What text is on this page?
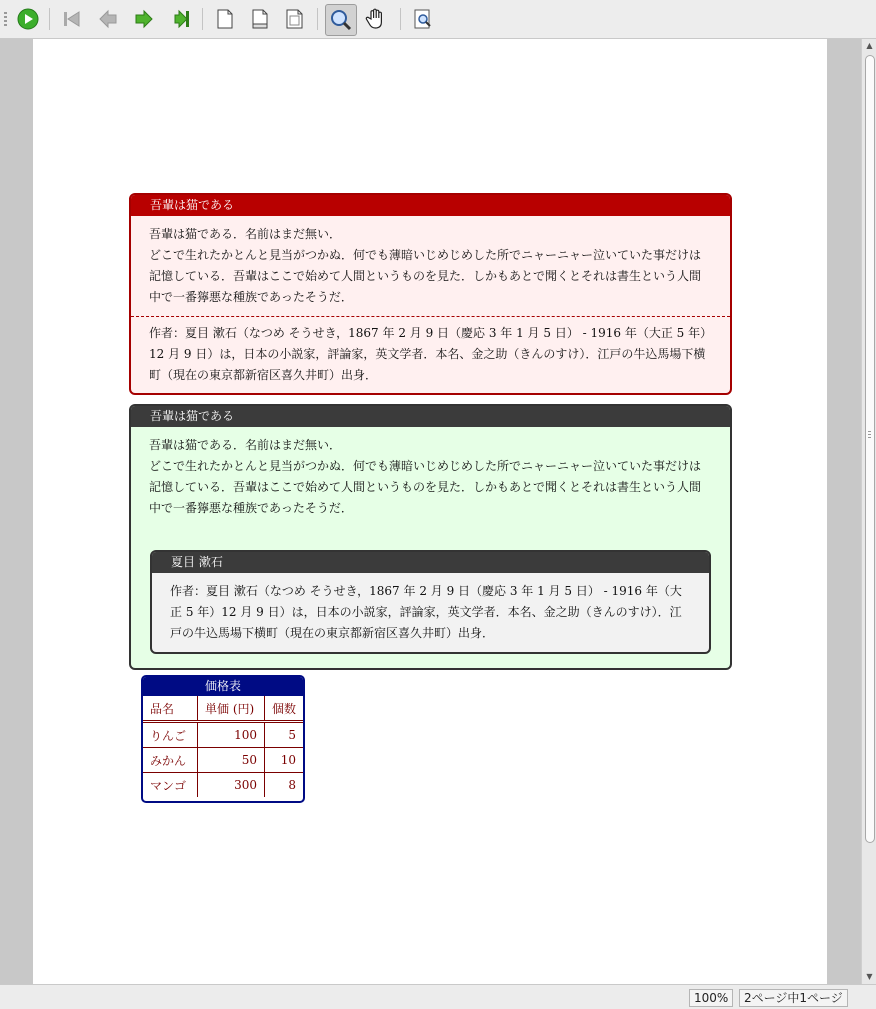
吾輩は猫である

吾輩は猫である．名前はまだ無い．

どこで生れたかとんと見当がつかぬ．何でも薄暗いじめじめした所でニャーニャー泣いていた事だけは記憶している．吾輩はここで始めて人間というものを見た．しかもあとで聞くとそれは書生という人間中で一番獰悪な種族であったそうだ．

作者：夏目 漱石（なつめ そうせき，1867 年 2 月 9 日（慶応 3 年 1 月 5 日） - 1916 年（大正 5 年）12 月 9 日）は，日本の小説家，評論家，英文学者．本名、金之助（きんのすけ）．江戸の牛込馬場下横町（現在の東京都新宿区喜久井町）出身．
吾輩は猫である

吾輩は猫である．名前はまだ無い．

どこで生れたかとんと見当がつかぬ．何でも薄暗いじめじめした所でニャーニャー泣いていた事だけは記憶している．吾輩はここで始めて人間というものを見た．しかもあとで聞くとそれは書生という人間中で一番獰悪な種族であったそうだ．

夏目 漱石
作者：夏目 漱石（なつめ そうせき，1867 年 2 月 9 日（慶応 3 年 1 月 5 日） - 1916 年（大正 5 年）12 月 9 日）は，日本の小説家，評論家，英文学者．本名、金之助（きんのすけ）．江戸の牛込馬場下横町（現在の東京都新宿区喜久井町）出身．
価格表
品名	単価 (円)	個数
りんご	100	5
みかん	50	10
マンゴ	300	8
▲
▼
100%	2ページ中1ページ
